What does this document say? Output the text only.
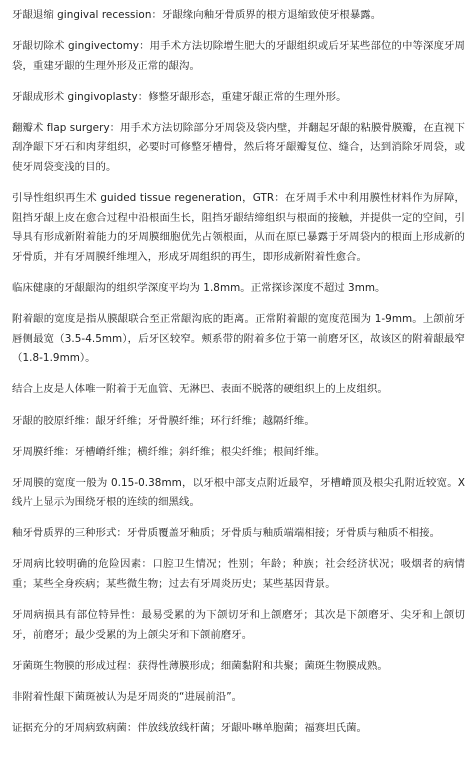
牙龈退缩 gingival recession：牙龈缘向釉牙骨质界的根方退缩致使牙根暴露。

牙龈切除术 gingivectomy：用手术方法切除增生肥大的牙龈组织或后牙某些部位的中等深度牙周袋，重建牙龈的生理外形及正常的龈沟。

牙龈成形术 gingivoplasty：修整牙龈形态，重建牙龈正常的生理外形。

翻瓣术 flap surgery：用手术方法切除部分牙周袋及袋内壁，并翻起牙龈的粘膜骨膜瓣，在直视下刮净龈下牙石和肉芽组织，必要时可修整牙槽骨，然后将牙龈瓣复位、缝合，达到消除牙周袋，或使牙周袋变浅的目的。

引导性组织再生术 guided tissue regeneration，GTR：在牙周手术中利用膜性材料作为屏障，阻挡牙龈上皮在愈合过程中沿根面生长，阻挡牙龈结缔组织与根面的接触，并提供一定的空间，引导具有形成新附着能力的牙周膜细胞优先占领根面，从而在原已暴露于牙周袋内的根面上形成新的牙骨质，并有牙周膜纤维埋入，形成牙周组织的再生，即形成新附着性愈合。

临床健康的牙龈龈沟的组织学深度平均为 1.8mm。正常探诊深度不超过 3mm。

附着龈的宽度是指从膜龈联合至正常龈沟底的距离。正常附着龈的宽度范围为 1-9mm。上颌前牙唇侧最宽（3.5-4.5mm），后牙区较窄。颊系带的附着多位于第一前磨牙区，故该区的附着龈最窄（1.8-1.9mm）。

结合上皮是人体唯一附着于无血管、无淋巴、表面不脱落的硬组织上的上皮组织。

牙龈的胶原纤维：龈牙纤维；牙骨膜纤维；环行纤维；越隔纤维。

牙周膜纤维：牙槽嵴纤维；横纤维；斜纤维；根尖纤维；根间纤维。

牙周膜的宽度一般为 0.15-0.38mm，以牙根中部支点附近最窄，牙槽嵴顶及根尖孔附近较宽。X 线片上显示为围绕牙根的连续的细黑线。

釉牙骨质界的三种形式：牙骨质覆盖牙釉质；牙骨质与釉质端端相接；牙骨质与釉质不相接。

牙周病比较明确的危险因素：口腔卫生情况；性别；年龄；种族；社会经济状况；吸烟者的病情重；某些全身疾病；某些微生物；过去有牙周炎历史；某些基因背景。

牙周病损具有部位特异性：最易受累的为下颌切牙和上颌磨牙；其次是下颌磨牙、尖牙和上颌切牙，前磨牙；最少受累的为上颌尖牙和下颌前磨牙。

牙菌斑生物膜的形成过程：获得性薄膜形成；细菌黏附和共聚；菌斑生物膜成熟。

非附着性龈下菌斑被认为是牙周炎的“进展前沿”。

证据充分的牙周病致病菌：伴放线放线杆菌；牙龈卟啉单胞菌；福赛坦氏菌。
